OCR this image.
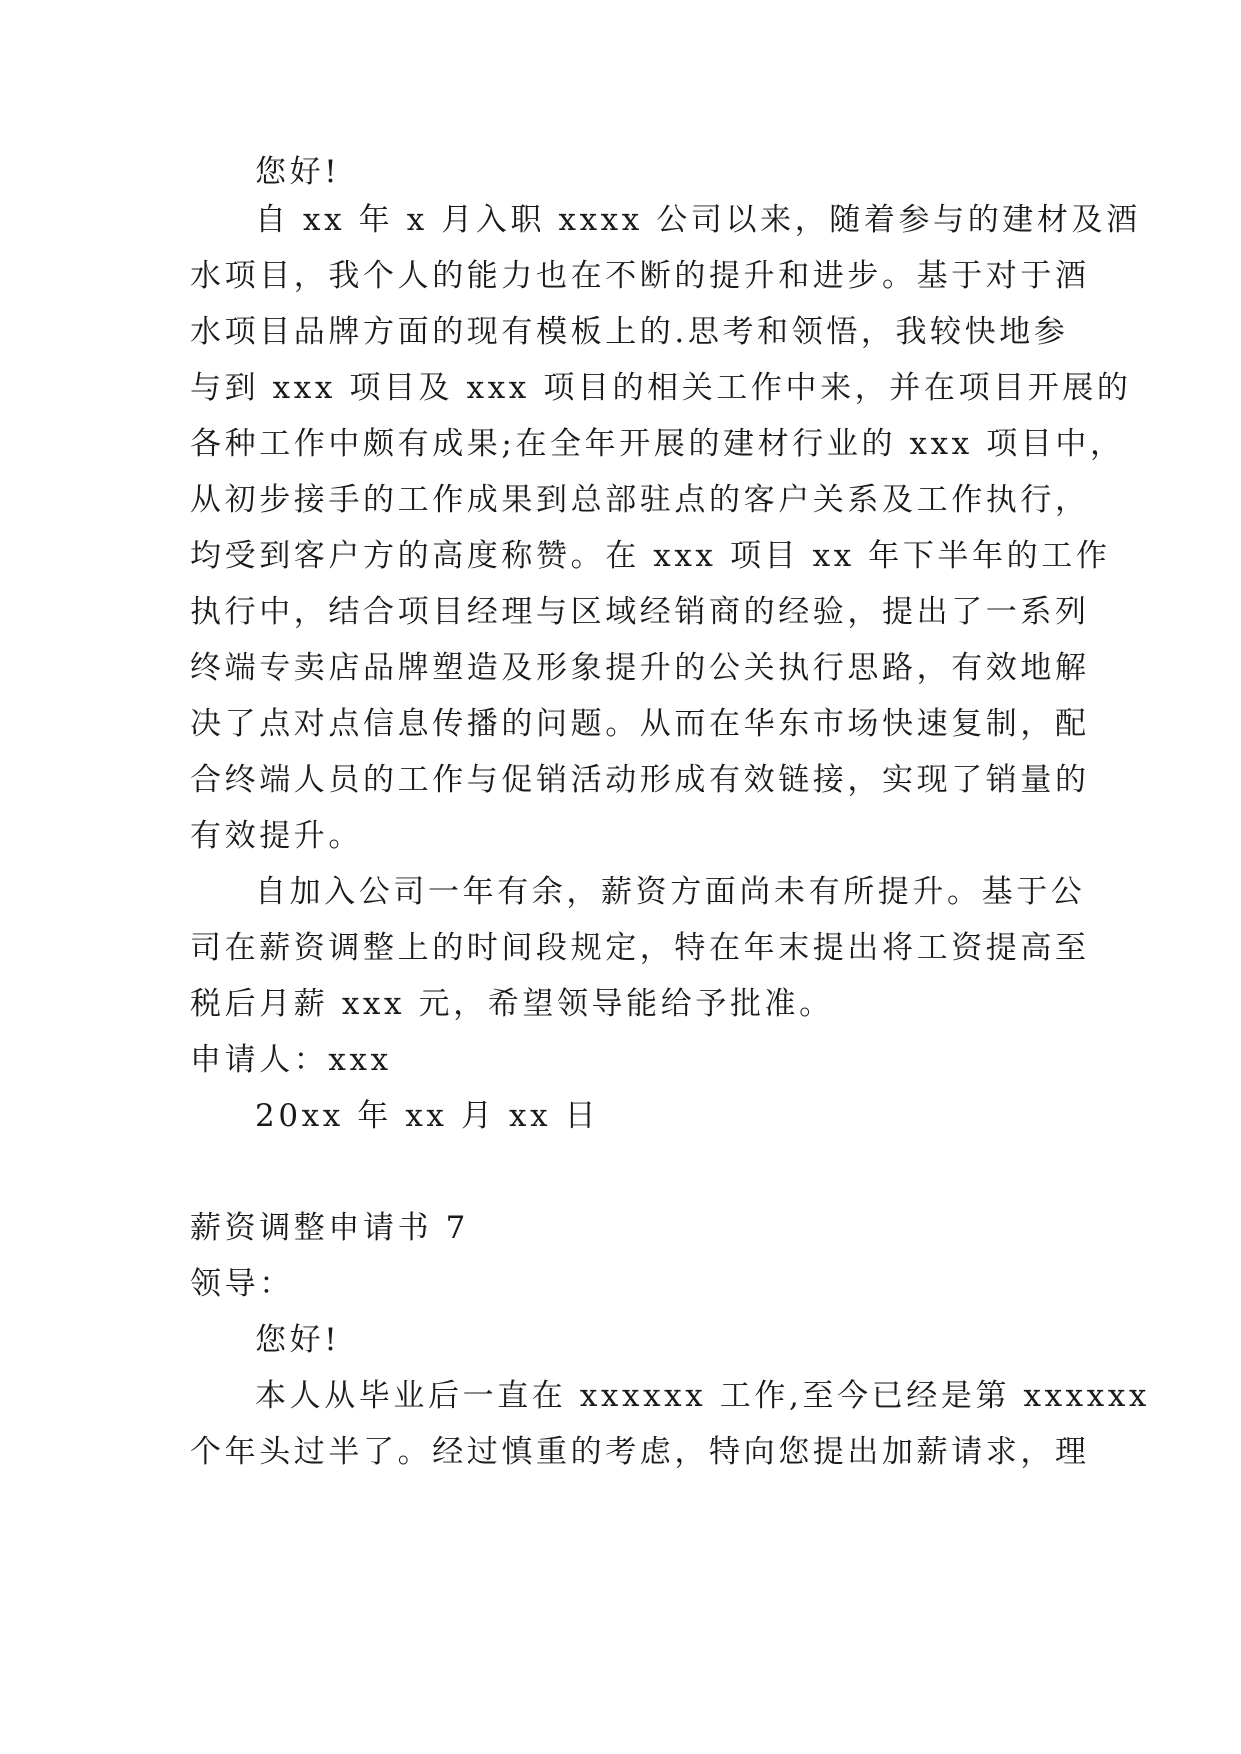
您好!
自 xx 年 x 月入职 xxxx 公司以来，随着参与的建材及酒
水项目，我个人的能力也在不断的提升和进步。基于对于酒
水项目品牌方面的现有模板上的.思考和领悟，我较快地参
与到 xxx 项目及 xxx 项目的相关工作中来，并在项目开展的
各种工作中颇有成果;在全年开展的建材行业的 xxx 项目中，
从初步接手的工作成果到总部驻点的客户关系及工作执行，
均受到客户方的高度称赞。在 xxx 项目 xx 年下半年的工作
执行中，结合项目经理与区域经销商的经验，提出了一系列
终端专卖店品牌塑造及形象提升的公关执行思路，有效地解
决了点对点信息传播的问题。从而在华东市场快速复制，配
合终端人员的工作与促销活动形成有效链接，实现了销量的
有效提升。
自加入公司一年有余，薪资方面尚未有所提升。基于公
司在薪资调整上的时间段规定，特在年末提出将工资提高至
税后月薪 xxx 元，希望领导能给予批准。
申请人：xxx
20xx 年 xx 月 xx 日
薪资调整申请书 7
领导：
您好!
本人从毕业后一直在 xxxxxx 工作,至今已经是第 xxxxxx
个年头过半了。经过慎重的考虑，特向您提出加薪请求，理
